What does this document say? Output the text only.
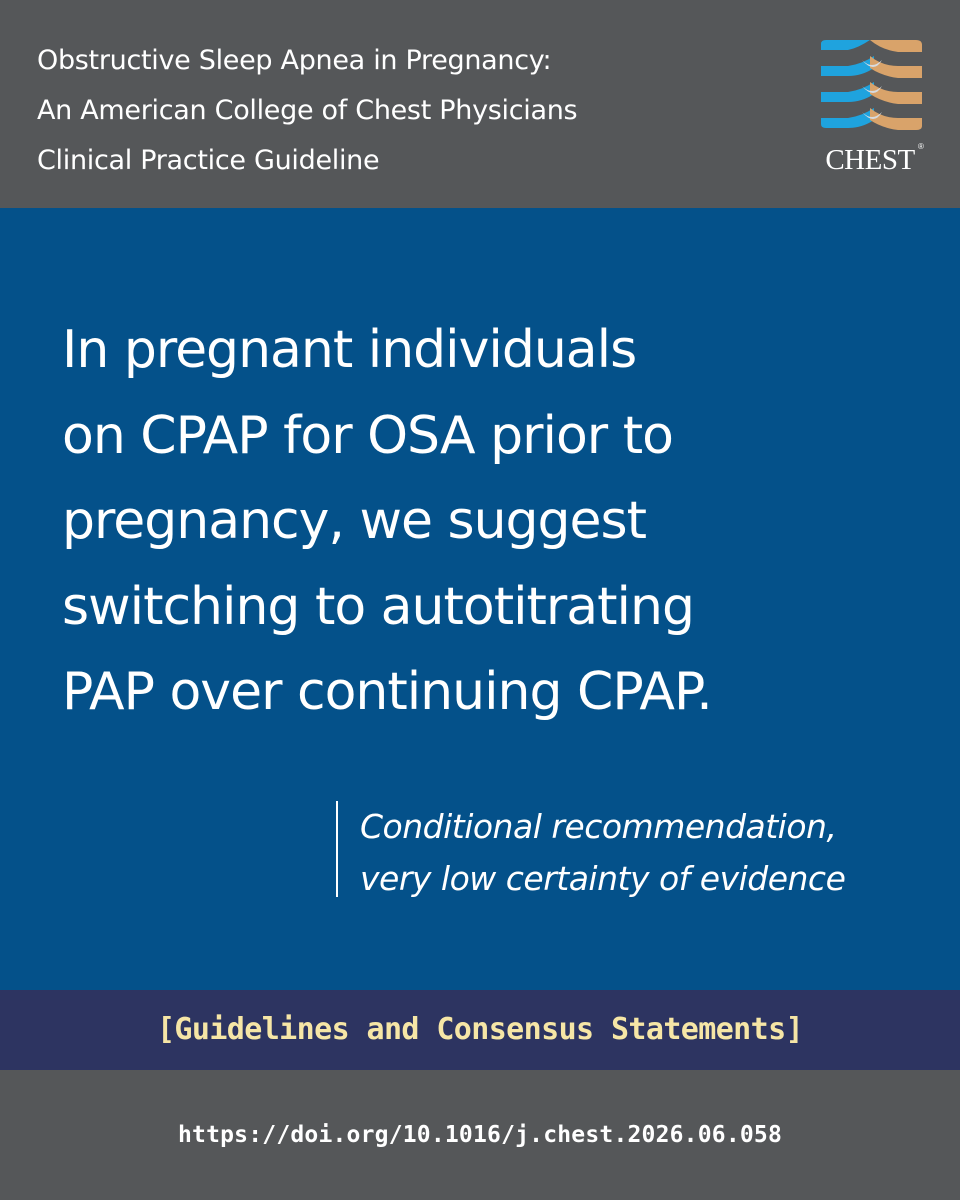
Obstructive Sleep Apnea in Pregnancy:
An American College of Chest Physicians
Clinical Practice Guideline	CHEST ®
In pregnant individuals
on CPAP for OSA prior to
pregnancy, we suggest
switching to autotitrating
PAP over continuing CPAP.
Conditional recommendation,
very low certainty of evidence
[Guidelines and Consensus Statements]
https://doi.org/10.1016/j.chest.2026.06.058
